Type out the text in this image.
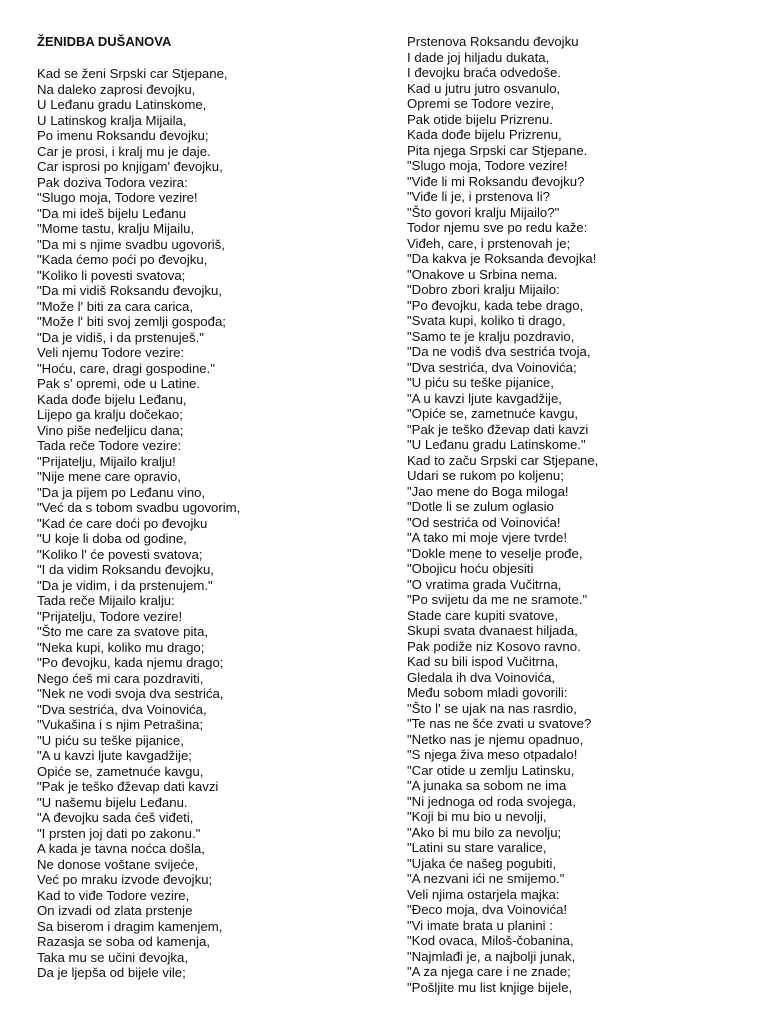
ŽENIDBA DUŠANOVA
Kad se ženi Srpski car Stjepane,
Na daleko zaprosi đevojku,
U Leđanu gradu Latinskome,
U Latinskog kralja Mijaila,
Po imenu Roksandu đevojku;
Car je prosi, i kralj mu je daje.
Car isprosi po knjigam' đevojku,
Pak doziva Todora vezira:
"Slugo moja, Todore vezire!
"Da mi ideš bijelu Leđanu
"Mome tastu, kralju Mijailu,
"Da mi s njime svadbu ugovoriš,
"Kada ćemo poći po đevojku,
"Koliko li povesti svatova;
"Da mi vidiš Roksandu đevojku,
"Može l' biti za cara carica,
"Može l' biti svoj zemlji gospođa;
"Da je vidiš, i da prstenuješ."
Veli njemu Todore vezire:
"Hoću, care, dragi gospodine."
Pak s' opremi, ode u Latine.
Kada dođe bijelu Leđanu,
Lijepo ga kralju dočekao;
Vino piše neđeljicu dana;
Tada reče Todore vezire:
"Prijatelju, Mijailo kralju!
"Nije mene care opravio,
"Da ja pijem po Leđanu vino,
"Već da s tobom svadbu ugovorim,
"Kad će care doći po đevojku
"U koje li doba od godine,
"Koliko l' će povesti svatova;
"I da vidim Roksandu đevojku,
"Da je vidim, i da prstenujem."
Tada reče Mijailo kralju:
"Prijatelju, Todore vezire!
"Što me care za svatove pita,
"Neka kupi, koliko mu drago;
"Po đevojku, kada njemu drago;
Nego ćeš mi cara pozdraviti,
"Nek ne vodi svoja dva sestrića,
"Dva sestrića, dva Voinovića,
"Vukašina i s njim Petrašina;
"U piću su teške pijanice,
"A u kavzi ljute kavgadžije;
Opiće se, zametnuće kavgu,
"Pak je teško đževap dati kavzi
"U našemu bijelu Leđanu.
"A đevojku sada ćeš viđeti,
"I prsten joj dati po zakonu."
A kada je tavna noćca došla,
Ne donose voštane svijeće,
Već po mraku izvode đevojku;
Kad to viđe Todore vezire,
On izvadi od zlata prstenje
Sa biserom i dragim kamenjem,
Razasja se soba od kamenja,
Taka mu se učini đevojka,
Da je ljepša od bijele vile;
Prstenova Roksandu đevojku
I dade joj hiljadu dukata,
I đevojku braća odvedoše.
Kad u jutru jutro osvanulo,
Opremi se Todore vezire,
Pak otide bijelu Prizrenu.
Kada dođe bijelu Prizrenu,
Pita njega Srpski car Stjepane.
"Slugo moja, Todore vezire!
"Viđe li mi Roksandu đevojku?
"Viđe li je, i prstenova li?
"Što govori kralju Mijailo?"
Todor njemu sve po redu kaže:
Viđeh, care, i prstenovah je;
"Da kakva je Roksanda đevojka!
"Onakove u Srbina nema.
"Dobro zbori kralju Mijailo:
"Po đevojku, kada tebe drago,
"Svata kupi, koliko ti drago,
"Samo te je kralju pozdravio,
"Da ne vodiš dva sestrića tvoja,
"Dva sestrića, dva Voinovića;
"U piću su teške pijanice,
"A u kavzi ljute kavgadžije,
"Opiće se, zametnuće kavgu,
"Pak je teško đževap dati kavzi
"U Leđanu gradu Latinskome."
Kad to začu Srpski car Stjepane,
Udari se rukom po koljenu;
"Jao mene do Boga miloga!
"Dotle li se zulum oglasio
"Od sestrića od Voinovića!
"A tako mi moje vjere tvrde!
"Dokle mene to veselje prođe,
"Obojicu hoću objesiti
"O vratima grada Vučitrna,
"Po svijetu da me ne sramote."
Stade care kupiti svatove,
Skupi svata dvanaest hiljada,
Pak podiže niz Kosovo ravno.
Kad su bili ispod Vučitrna,
Gledala ih dva Voinovića,
Među sobom mladi govorili:
"Što l' se ujak na nas rasrdio,
"Te nas ne šće zvati u svatove?
"Netko nas je njemu opadnuo,
"S njega živa meso otpadalo!
"Car otide u zemlju Latinsku,
"A junaka sa sobom ne ima
"Ni jednoga od roda svojega,
"Koji bi mu bio u nevolji,
"Ako bi mu bilo za nevolju;
"Latini su stare varalice,
"Ujaka će našeg pogubiti,
"A nezvani ići ne smijemo."
Veli njima ostarjela majka:
"Đeco moja, dva Voinovića!
"Vi imate brata u planini :
"Kod ovaca, Miloš-čobanina,
"Najmlađi je, a najbolji junak,
"A za njega care i ne znade;
"Pošljite mu list knjige bijele,
